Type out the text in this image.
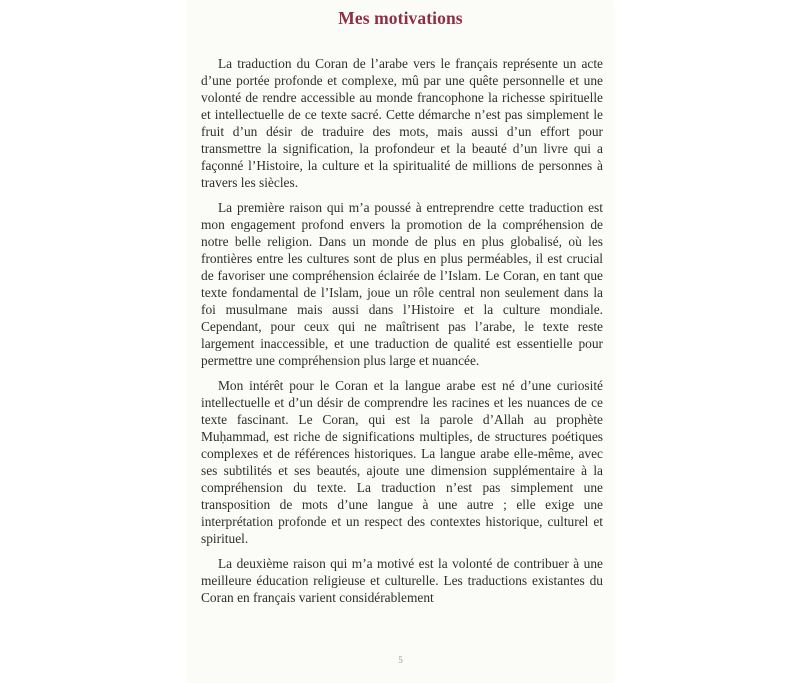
Mes motivations

La traduction du Coran de l’arabe vers le français représente un acte d’une portée profonde et complexe, mû par une quête personnelle et une volonté de rendre accessible au monde francophone la richesse spirituelle et intellectuelle de ce texte sacré. Cette démarche n’est pas simplement le fruit d’un désir de traduire des mots, mais aussi d’un effort pour transmettre la signification, la profondeur et la beauté d’un livre qui a façonné l’Histoire, la culture et la spiritualité de millions de personnes à travers les siècles.

La première raison qui m’a poussé à entreprendre cette traduction est mon engagement profond envers la promotion de la compréhension de notre belle religion. Dans un monde de plus en plus globalisé, où les frontières entre les cultures sont de plus en plus perméables, il est crucial de favoriser une compréhension éclairée de l’Islam. Le Coran, en tant que texte fondamental de l’Islam, joue un rôle central non seulement dans la foi musulmane mais aussi dans l’Histoire et la culture mondiale. Cependant, pour ceux qui ne maîtrisent pas l’arabe, le texte reste largement inaccessible, et une traduction de qualité est essentielle pour permettre une compréhension plus large et nuancée.

Mon intérêt pour le Coran et la langue arabe est né d’une curiosité intellectuelle et d’un désir de comprendre les racines et les nuances de ce texte fascinant. Le Coran, qui est la parole d’Allah au prophète Muḥammad, est riche de significations multiples, de structures poétiques complexes et de références historiques. La langue arabe elle-même, avec ses subtilités et ses beautés, ajoute une dimension supplémentaire à la compréhension du texte. La traduction n’est pas simplement une transposition de mots d’une langue à une autre ; elle exige une interprétation profonde et un respect des contextes historique, culturel et spirituel.

La deuxième raison qui m’a motivé est la volonté de contribuer à une meilleure éducation religieuse et culturelle. Les traductions existantes du Coran en français varient considérablement

5
